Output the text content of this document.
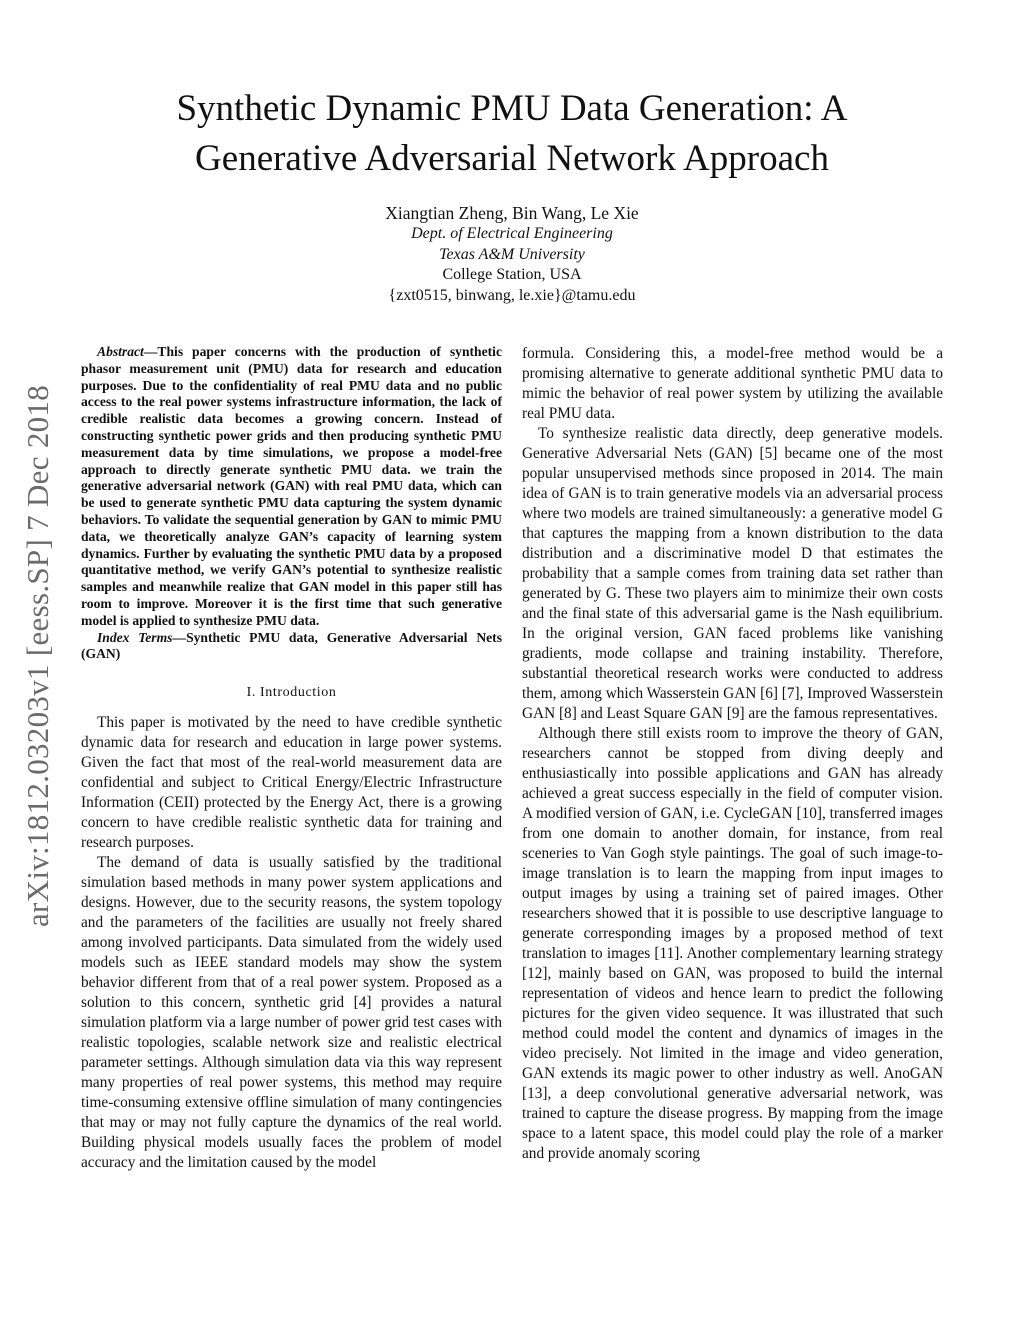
arXiv:1812.03203v1 [eess.SP] 7 Dec 2018
Synthetic Dynamic PMU Data Generation: A Generative Adversarial Network Approach
Xiangtian Zheng, Bin Wang, Le Xie
Dept. of Electrical Engineering
Texas A&M University
College Station, USA
{zxt0515, binwang, le.xie}@tamu.edu

Abstract—This paper concerns with the production of synthetic phasor measurement unit (PMU) data for research and education purposes. Due to the confidentiality of real PMU data and no public access to the real power systems infrastructure information, the lack of credible realistic data becomes a growing concern. Instead of constructing synthetic power grids and then producing synthetic PMU measurement data by time simulations, we propose a model-free approach to directly generate synthetic PMU data. we train the generative adversarial network (GAN) with real PMU data, which can be used to generate synthetic PMU data capturing the system dynamic behaviors. To validate the sequential generation by GAN to mimic PMU data, we theoretically analyze GAN’s capacity of learning system dynamics. Further by evaluating the synthetic PMU data by a proposed quantitative method, we verify GAN’s potential to synthesize realistic samples and meanwhile realize that GAN model in this paper still has room to improve. Moreover it is the first time that such generative model is applied to synthesize PMU data.

Index Terms—Synthetic PMU data, Generative Adversarial Nets (GAN)

I. Introduction

This paper is motivated by the need to have credible synthetic dynamic data for research and education in large power systems. Given the fact that most of the real-world measurement data are confidential and subject to Critical Energy/Electric Infrastructure Information (CEII) protected by the Energy Act, there is a growing concern to have credible realistic synthetic data for training and research purposes.

The demand of data is usually satisfied by the traditional simulation based methods in many power system applications and designs. However, due to the security reasons, the system topology and the parameters of the facilities are usually not freely shared among involved participants. Data simulated from the widely used models such as IEEE standard models may show the system behavior different from that of a real power system. Proposed as a solution to this concern, synthetic grid [4] provides a natural simulation platform via a large number of power grid test cases with realistic topologies, scalable network size and realistic electrical parameter settings. Although simulation data via this way represent many properties of real power systems, this method may require time-consuming extensive offline simulation of many contingencies that may or may not fully capture the dynamics of the real world. Building physical models usually faces the problem of model accuracy and the limitation caused by the model

formula. Considering this, a model-free method would be a promising alternative to generate additional synthetic PMU data to mimic the behavior of real power system by utilizing the available real PMU data.

To synthesize realistic data directly, deep generative models. Generative Adversarial Nets (GAN) [5] became one of the most popular unsupervised methods since proposed in 2014. The main idea of GAN is to train generative models via an adversarial process where two models are trained simultaneously: a generative model G that captures the mapping from a known distribution to the data distribution and a discriminative model D that estimates the probability that a sample comes from training data set rather than generated by G. These two players aim to minimize their own costs and the final state of this adversarial game is the Nash equilibrium. In the original version, GAN faced problems like vanishing gradients, mode collapse and training instability. Therefore, substantial theoretical research works were conducted to address them, among which Wasserstein GAN [6] [7], Improved Wasserstein GAN [8] and Least Square GAN [9] are the famous representatives.

Although there still exists room to improve the theory of GAN, researchers cannot be stopped from diving deeply and enthusiastically into possible applications and GAN has already achieved a great success especially in the field of computer vision. A modified version of GAN, i.e. CycleGAN [10], transferred images from one domain to another domain, for instance, from real sceneries to Van Gogh style paintings. The goal of such image-to-image translation is to learn the mapping from input images to output images by using a training set of paired images. Other researchers showed that it is possible to use descriptive language to generate corresponding images by a proposed method of text translation to images [11]. Another complementary learning strategy [12], mainly based on GAN, was proposed to build the internal representation of videos and hence learn to predict the following pictures for the given video sequence. It was illustrated that such method could model the content and dynamics of images in the video precisely. Not limited in the image and video generation, GAN extends its magic power to other industry as well. AnoGAN [13], a deep convolutional generative adversarial network, was trained to capture the disease progress. By mapping from the image space to a latent space, this model could play the role of a marker and provide anomaly scoring
